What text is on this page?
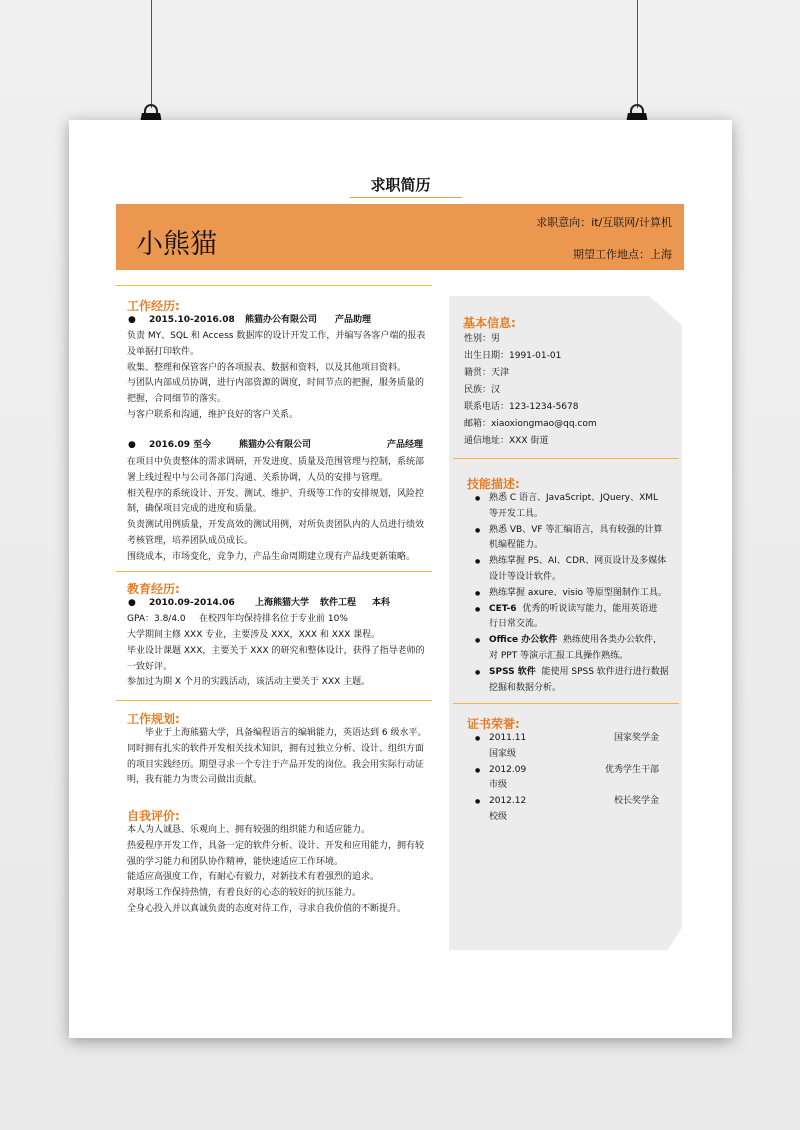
求职简历
小熊猫
求职意向：it/互联网/计算机
期望工作地点：上海
工作经历:
● 2015.10-2016.08 熊猫办公有限公司 产品助理
负责 MY、SQL 和 Access 数据库的设计开发工作，并编写各客户端的报表
及单据打印软件。
收集、整理和保管客户的各项报表、数据和资料，以及其他项目资料。
与团队内部成员协调，进行内部资源的调度，时间节点的把握，服务质量的
把握，合同细节的落实。
与客户联系和沟通，维护良好的客户关系。
● 2016.09 至今	熊猫办公有限公司	产品经理
在项目中负责整体的需求调研，开发进度、质量及范围管理与控制，系统部
署上线过程中与公司各部门沟通、关系协调，人员的安排与管理。
相关程序的系统设计、开发、测试、维护、升级等工作的安排规划，风险控
制，确保项目完成的进度和质量。
负责测试用例质量，开发高效的测试用例，对所负责团队内的人员进行绩效
考核管理，培养团队成员成长。
围绕成本，市场变化，竞争力，产品生命周期建立现有产品线更新策略。
教育经历:
● 2010.09-2014.06 上海熊猫大学 软件工程 本科
GPA：3.8/4.0 在校四年均保持排名位于专业前 10%
大学期间主修 XXX 专业，主要涉及 XXX，XXX 和 XXX 课程。
毕业设计课题 XXX，主要关于 XXX 的研究和整体设计，获得了指导老师的
一致好评。
参加过为期 X 个月的实践活动，该活动主要关于 XXX 主题。
工作规划:
毕业于上海熊猫大学，具备编程语言的编辑能力，英语达到 6 级水平。
同时拥有扎实的软件开发相关技术知识，拥有过独立分析、设计、组织方面
的项目实践经历。期望寻求一个专注于产品开发的岗位。我会用实际行动证
明，我有能力为贵公司做出贡献。
自我评价:
本人为人诚恳、乐观向上、拥有较强的组织能力和适应能力。
热爱程序开发工作，具备一定的软件分析、设计、开发和应用能力，拥有较
强的学习能力和团队协作精神，能快速适应工作环境。
能适应高强度工作，有耐心有毅力，对新技术有着强烈的追求。
对职场工作保持热情，有着良好的心态的较好的抗压能力。
全身心投入并以真诚负责的态度对待工作，寻求自我价值的不断提升。
基本信息:
性别：男
出生日期：1991-01-01
籍贯：天津
民族：汉
联系电话：123-1234-5678
邮箱：xiaoxiongmao@qq.com
通信地址：XXX 街道
技能描述:
● 熟悉 C 语言、JavaScript、JQuery、XML
等开发工具。
● 熟悉 VB、VF 等汇编语言，具有较强的计算
机编程能力。
● 熟练掌握 PS、AI、CDR、网页设计及多媒体
设计等设计软件。
● 熟练掌握 axure、visio 等原型图制作工具。
● CET-6 优秀的听说读写能力，能用英语进
行日常交流。
● Office 办公软件 熟练使用各类办公软件，
对 PPT 等演示汇报工具操作熟练。
● SPSS 软件 能使用 SPSS 软件进行进行数据
挖掘和数据分析。
证书荣誉:
● 2011.11	国家奖学金
国家级
● 2012.09	优秀学生干部
市级
● 2012.12	校长奖学金
校级
